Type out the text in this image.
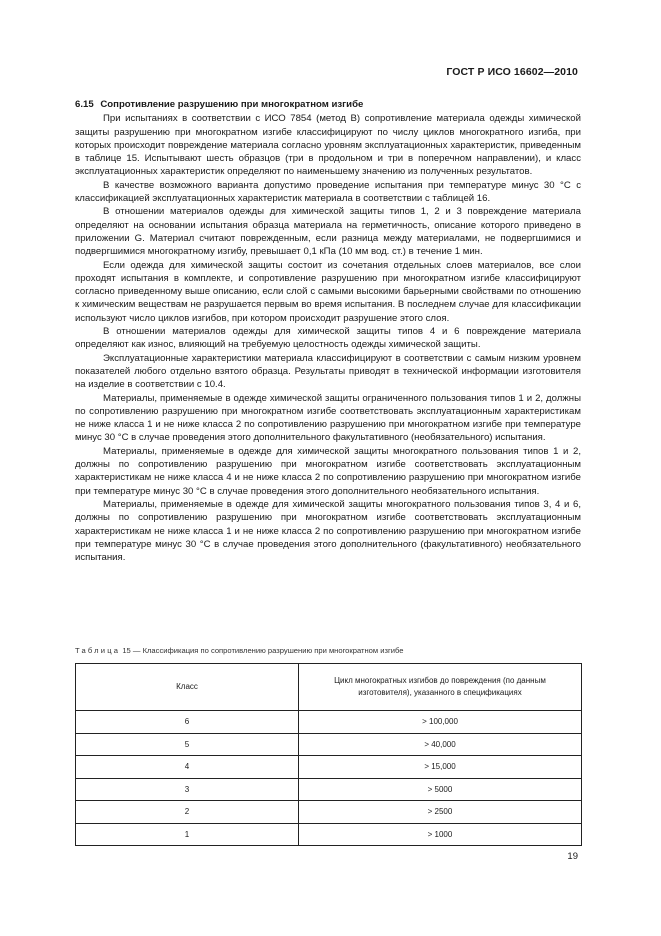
ГОСТ Р ИСО 16602—2010
6.15 Сопротивление разрушению при многократном изгибе

При испытаниях в соответствии с ИСО 7854 (метод В) сопротивление материала одежды химической защиты разрушению при многократном изгибе классифицируют по числу циклов многократного изгиба, при которых происходит повреждение материала согласно уровням эксплуатационных характеристик, приведенным в таблице 15. Испытывают шесть образцов (три в продольном и три в поперечном направлении), и класс эксплуатационных характеристик определяют по наименьшему значению из полученных результатов.

В качестве возможного варианта допустимо проведение испытания при температуре минус 30 °С с классификацией эксплуатационных характеристик материала в соответствии с таблицей 16.

В отношении материалов одежды для химической защиты типов 1, 2 и 3 повреждение материала определяют на основании испытания образца материала на герметичность, описание которого приведено в приложении G. Материал считают поврежденным, если разница между материалами, не подвергшимися и подвергшимися многократному изгибу, превышает 0,1 кПа (10 мм вод. ст.) в течение 1 мин.

Если одежда для химической защиты состоит из сочетания отдельных слоев материалов, все слои проходят испытания в комплекте, и сопротивление разрушению при многократном изгибе классифицируют согласно приведенному выше описанию, если слой с самыми высокими барьерными свойствами по отношению к химическим веществам не разрушается первым во время испытания. В последнем случае для классификации используют число циклов изгибов, при котором происходит разрушение этого слоя.

В отношении материалов одежды для химической защиты типов 4 и 6 повреждение материала определяют как износ, влияющий на требуемую целостность одежды химической защиты.

Эксплуатационные характеристики материала классифицируют в соответствии с самым низким уровнем показателей любого отдельно взятого образца. Результаты приводят в технической информации изготовителя на изделие в соответствии с 10.4.

Материалы, применяемые в одежде химической защиты ограниченного пользования типов 1 и 2, должны по сопротивлению разрушению при многократном изгибе соответствовать эксплуатационным характеристикам не ниже класса 1 и не ниже класса 2 по сопротивлению разрушению при многократном изгибе при температуре минус 30 °С в случае проведения этого дополнительного факультативного (необязательного) испытания.

Материалы, применяемые в одежде для химической защиты многократного пользования типов 1 и 2, должны по сопротивлению разрушению при многократном изгибе соответствовать эксплуатационным характеристикам не ниже класса 4 и не ниже класса 2 по сопротивлению разрушению при многократном изгибе при температуре минус 30 °С в случае проведения этого дополнительного необязательного испытания.

Материалы, применяемые в одежде для химической защиты многократного пользования типов 3, 4 и 6, должны по сопротивлению разрушению при многократном изгибе соответствовать эксплуатационным характеристикам не ниже класса 1 и не ниже класса 2 по сопротивлению разрушению при многократном изгибе при температуре минус 30 °С в случае проведения этого дополнительного (факультативного) необязательного испытания.

Таблица 15 — Классификация по сопротивлению разрушению при многократном изгибе
Класс	Цикл многократных изгибов до повреждения (по данным
изготовителя), указанного в спецификациях

6	> 100,000
5	> 40,000
4	> 15,000
3	> 5000
2	> 2500
1	> 1000
19
